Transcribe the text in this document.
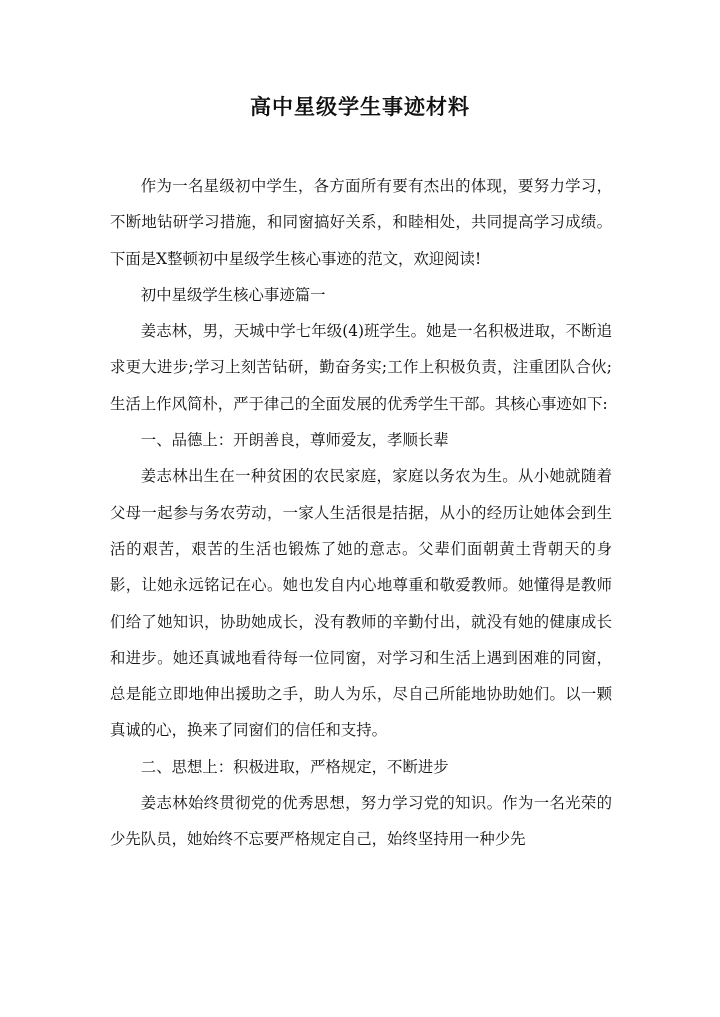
高中星级学生事迹材料

作为一名星级初中学生，各方面所有要有杰出的体现，要努力学习，不断地钻研学习措施，和同窗搞好关系，和睦相处，共同提高学习成绩。下面是X整顿初中星级学生核心事迹的范文，欢迎阅读!

初中星级学生核心事迹篇一

姜志林，男，天城中学七年级(4)班学生。她是一名积极进取，不断追求更大进步;学习上刻苦钻研，勤奋务实;工作上积极负责，注重团队合伙;生活上作风简朴，严于律己的全面发展的优秀学生干部。其核心事迹如下:

一、品德上：开朗善良，尊师爱友，孝顺长辈

姜志林出生在一种贫困的农民家庭，家庭以务农为生。从小她就随着父母一起参与务农劳动，一家人生活很是拮据，从小的经历让她体会到生活的艰苦，艰苦的生活也锻炼了她的意志。父辈们面朝黄土背朝天的身影，让她永远铭记在心。她也发自内心地尊重和敬爱教师。她懂得是教师们给了她知识，协助她成长，没有教师的辛勤付出，就没有她的健康成长和进步。她还真诚地看待每一位同窗，对学习和生活上遇到困难的同窗，总是能立即地伸出援助之手，助人为乐，尽自己所能地协助她们。以一颗真诚的心，换来了同窗们的信任和支持。

二、思想上：积极进取，严格规定，不断进步

姜志林始终贯彻党的优秀思想，努力学习党的知识。作为一名光荣的少先队员，她始终不忘要严格规定自己，始终坚持用一种少先
